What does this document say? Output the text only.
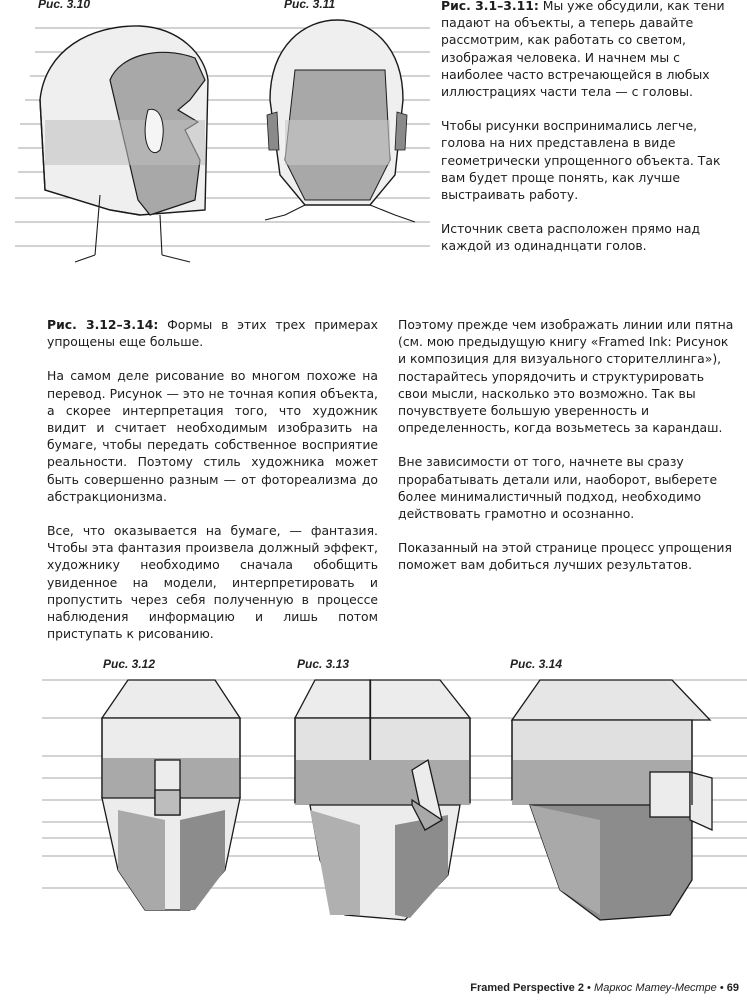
Рис. 3.10	Рис. 3.11	Рис. 3.1–3.11: Мы уже обсудили, как тени падают на объекты, а теперь давайте рассмотрим, как работать со светом, изображая человека. И начнем мы с наиболее часто встречающейся в любых иллюстрациях части тела — с головы.

Чтобы рисунки воспринимались легче, голова на них представлена в виде геометрически упрощенного объекта. Так вам будет проще понять, как лучше выстраивать работу.

Источник света расположен прямо над каждой из одинаднцати голов.

Рис. 3.12–3.14: Формы в этих трех примерах упрощены еще больше.

На самом деле рисование во многом похоже на перевод. Рисунок — это не точная копия объекта, а скорее интерпретация того, что художник видит и считает необходимым изобразить на бумаге, чтобы передать собственное восприятие реальности. Поэтому стиль художника может быть совершенно разным — от фотореализма до абстракционизма.

Все, что оказывается на бумаге, — фантазия. Чтобы эта фантазия произвела должный эффект, художнику необходимо сначала обобщить увиденное на модели, интерпретировать и пропустить через себя полученную в процессе наблюдения информацию и лишь потом приступать к рисованию.

Поэтому прежде чем изображать линии или пятна (см. мою предыдущую книгу «Framed Ink: Рисунок и композиция для визуального сторителлинга»), постарайтесь упорядочить и структурировать свои мысли, насколько это возможно. Так вы почувствуете большую уверенность и определенность, когда возьметесь за карандаш.

Вне зависимости от того, начнете вы сразу прорабатывать детали или, наоборот, выберете более минималистичный подход, необходимо действовать грамотно и осознанно.

Показанный на этой странице процесс упрощения поможет вам добиться лучших результатов.

Рис. 3.12	Рис. 3.13	Рис. 3.14
Framed Perspective 2 • Маркос Матеу-Местре • 69
